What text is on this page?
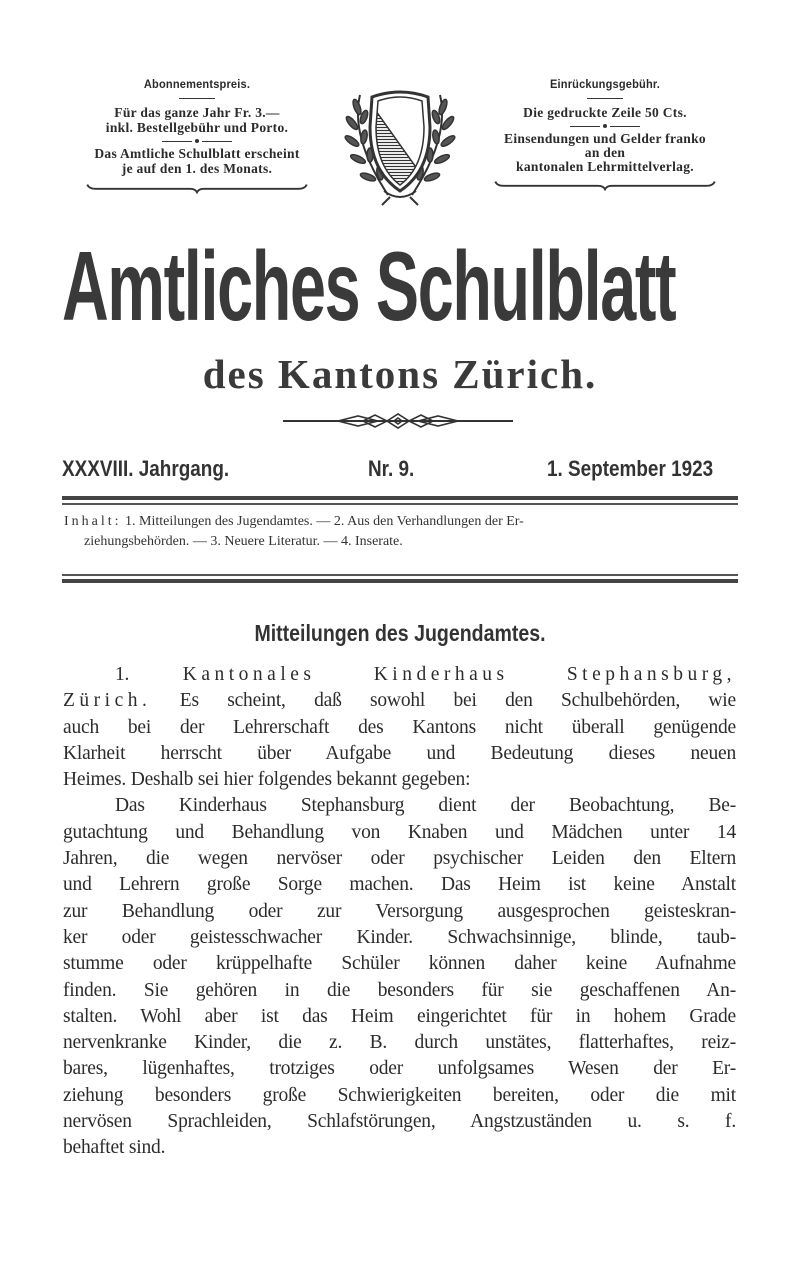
Abonnementspreis.
Für das ganze Jahr Fr. 3.—
inkl. Bestellgebühr und Porto.
Das Amtliche Schulblatt erscheint
je auf den 1. des Monats.
Einrückungsgebühr.
Die gedruckte Zeile 50 Cts.
Einsendungen und Gelder franko
an den
kantonalen Lehrmittelverlag.
Amtliches Schulblatt
des Kantons Zürich.
XXXVIII. Jahrgang.	Nr. 9.	1. September 1923
Inhalt: 1. Mitteilungen des Jugendamtes. — 2. Aus den Verhandlungen der Er-
ziehungsbehörden. — 3. Neuere Literatur. — 4. Inserate.
Mitteilungen des Jugendamtes.
1.	Kantonales Kinderhaus Stephansburg,
Zürich. Es scheint, daß sowohl bei den Schulbehörden, wie
auch bei der Lehrerschaft des Kantons nicht überall genügende
Klarheit herrscht über Aufgabe und Bedeutung dieses neuen
Heimes. Deshalb sei hier folgendes bekannt gegeben:
Das Kinderhaus Stephansburg dient der Beobachtung, Be-
gutachtung und Behandlung von Knaben und Mädchen unter 14
Jahren, die wegen nervöser oder psychischer Leiden den Eltern
und Lehrern große Sorge machen. Das Heim ist keine Anstalt
zur Behandlung oder zur Versorgung ausgesprochen geisteskran-
ker oder geistesschwacher Kinder. Schwachsinnige, blinde, taub-
stumme oder krüppelhafte Schüler können daher keine Aufnahme
finden. Sie gehören in die besonders für sie geschaffenen An-
stalten. Wohl aber ist das Heim eingerichtet für in hohem Grade
nervenkranke Kinder, die z. B. durch unstätes, flatterhaftes, reiz-
bares, lügenhaftes, trotziges oder unfolgsames Wesen der Er-
ziehung besonders große Schwierigkeiten bereiten, oder die mit
nervösen Sprachleiden, Schlafstörungen, Angstzuständen u. s. f.
behaftet sind.
